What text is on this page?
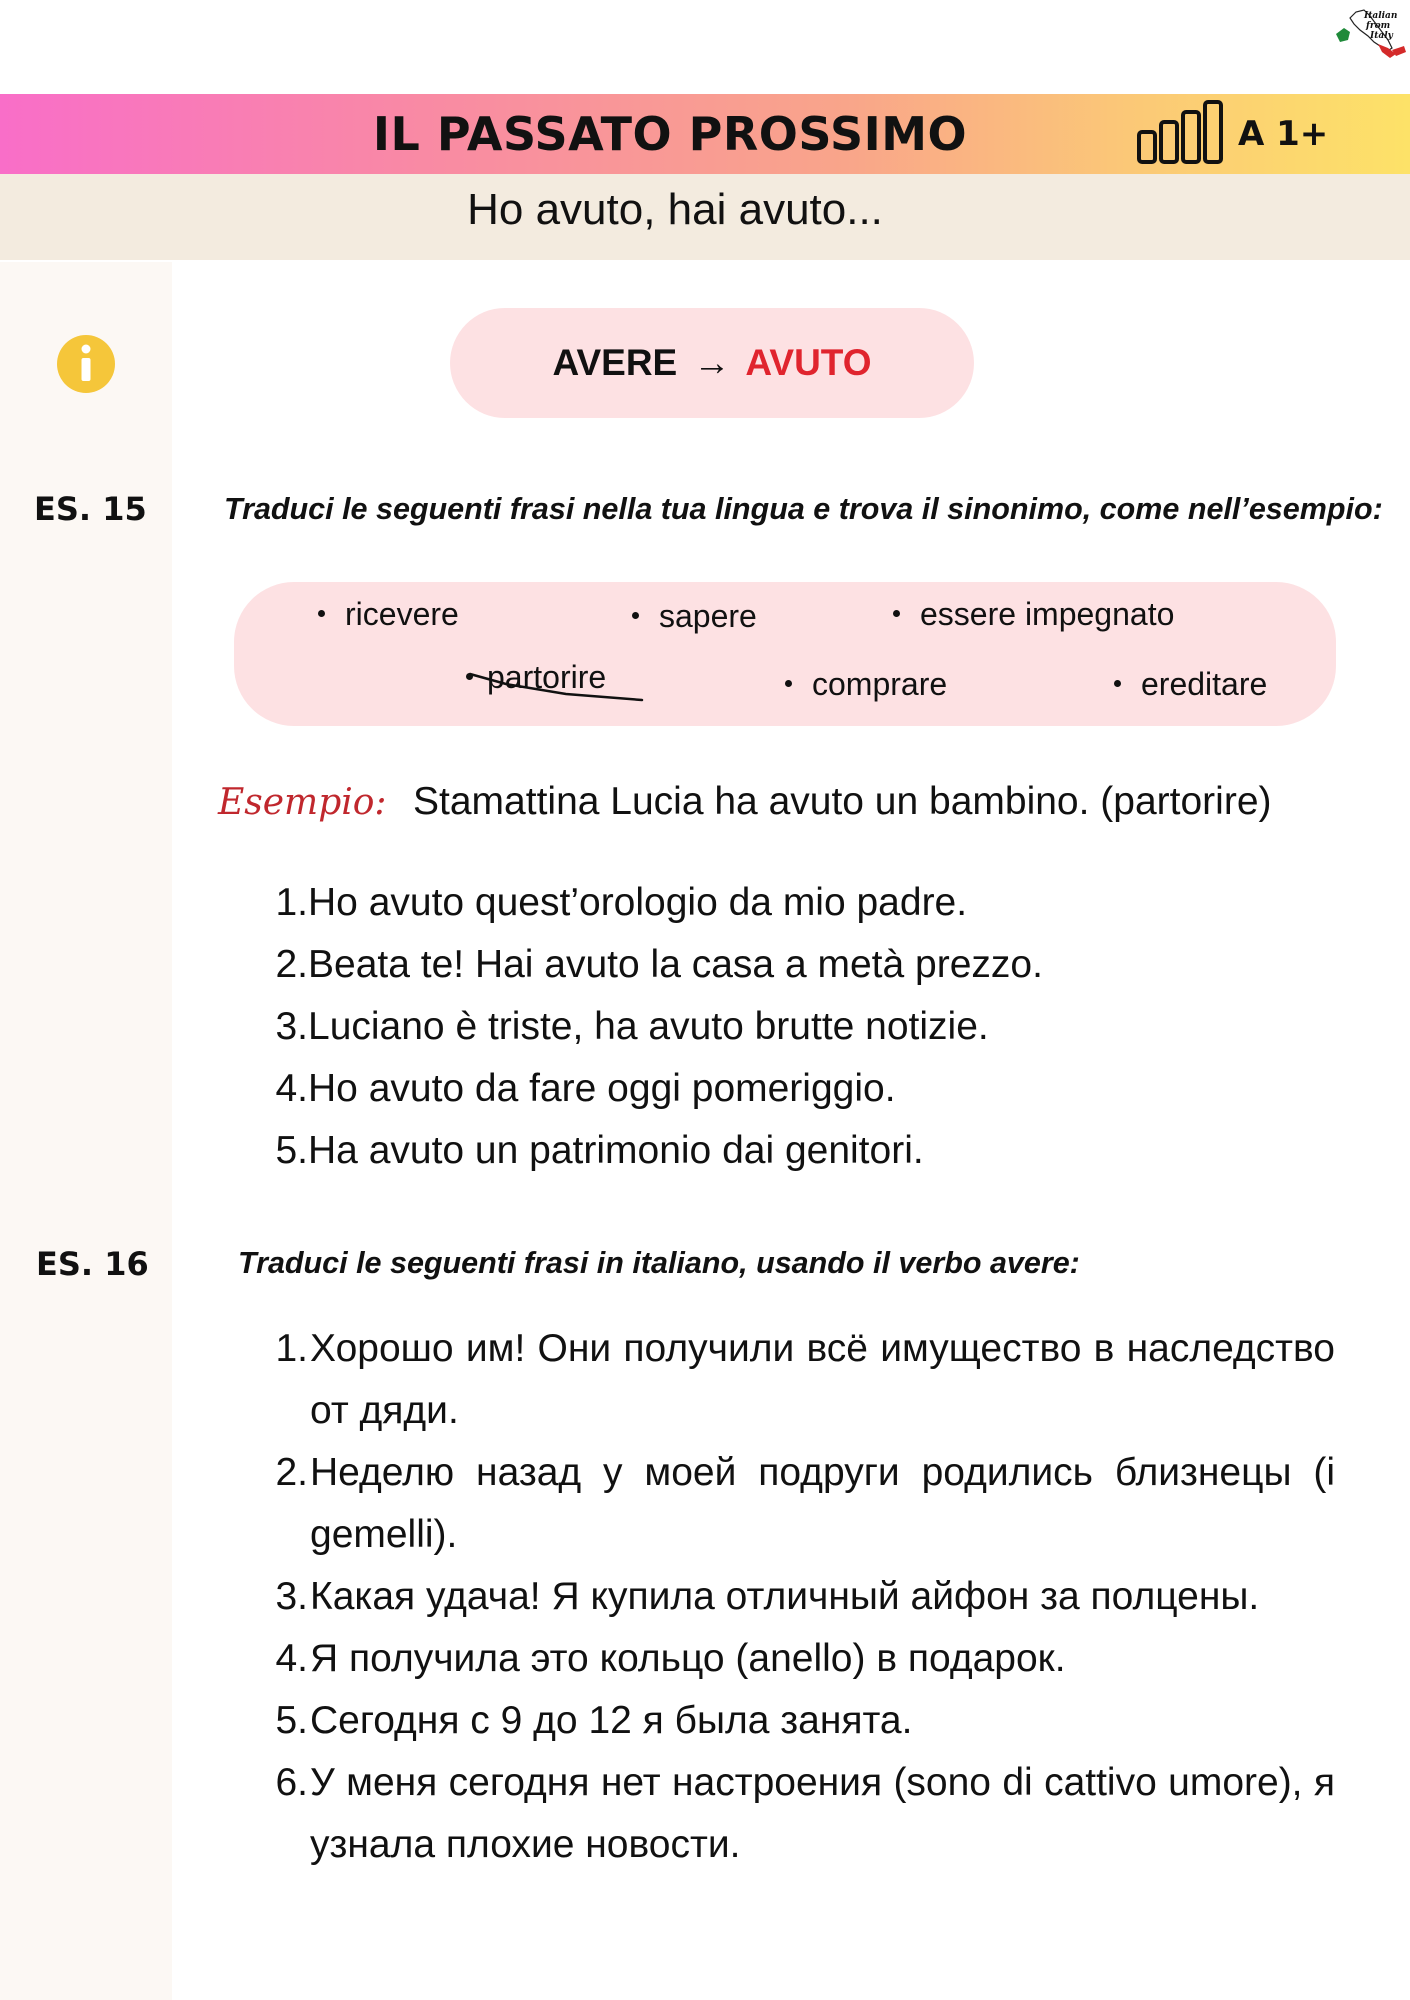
Italian
from
Italy
IL PASSATO PROSSIMO	A 1+
Ho avuto, hai avuto...
AVERE → AVUTO
ES. 15	Traduci le seguenti frasi nella tua lingua e trova il sinonimo, come nell’esempio:
ricevere	sapere	essere impegnato
partorire	comprare	ereditare
Esempio: Stamattina Lucia ha avuto un bambino. (partorire)
1. Ho avuto quest’orologio da mio padre.

2. Beata te! Hai avuto la casa a metà prezzo.

3. Luciano è triste, ha avuto brutte notizie.

4. Ho avuto da fare oggi pomeriggio.

5. Ha avuto un patrimonio dai genitori.

ES. 16	Traduci le seguenti frasi in italiano, usando il verbo avere:
1. Хорошо им! Они получили всё имущество в наследство от дяди.
2. Неделю назад у моей подруги родились близнецы (i gemelli).
3. Какая удача! Я купила отличный айфон за полцены.
4. Я получила это кольцо (anello) в подарок.
5. Сегодня с 9 до 12 я была занята.
6. У меня сегодня нет настроения (sono di cattivo umore), я узнала плохие новости.
